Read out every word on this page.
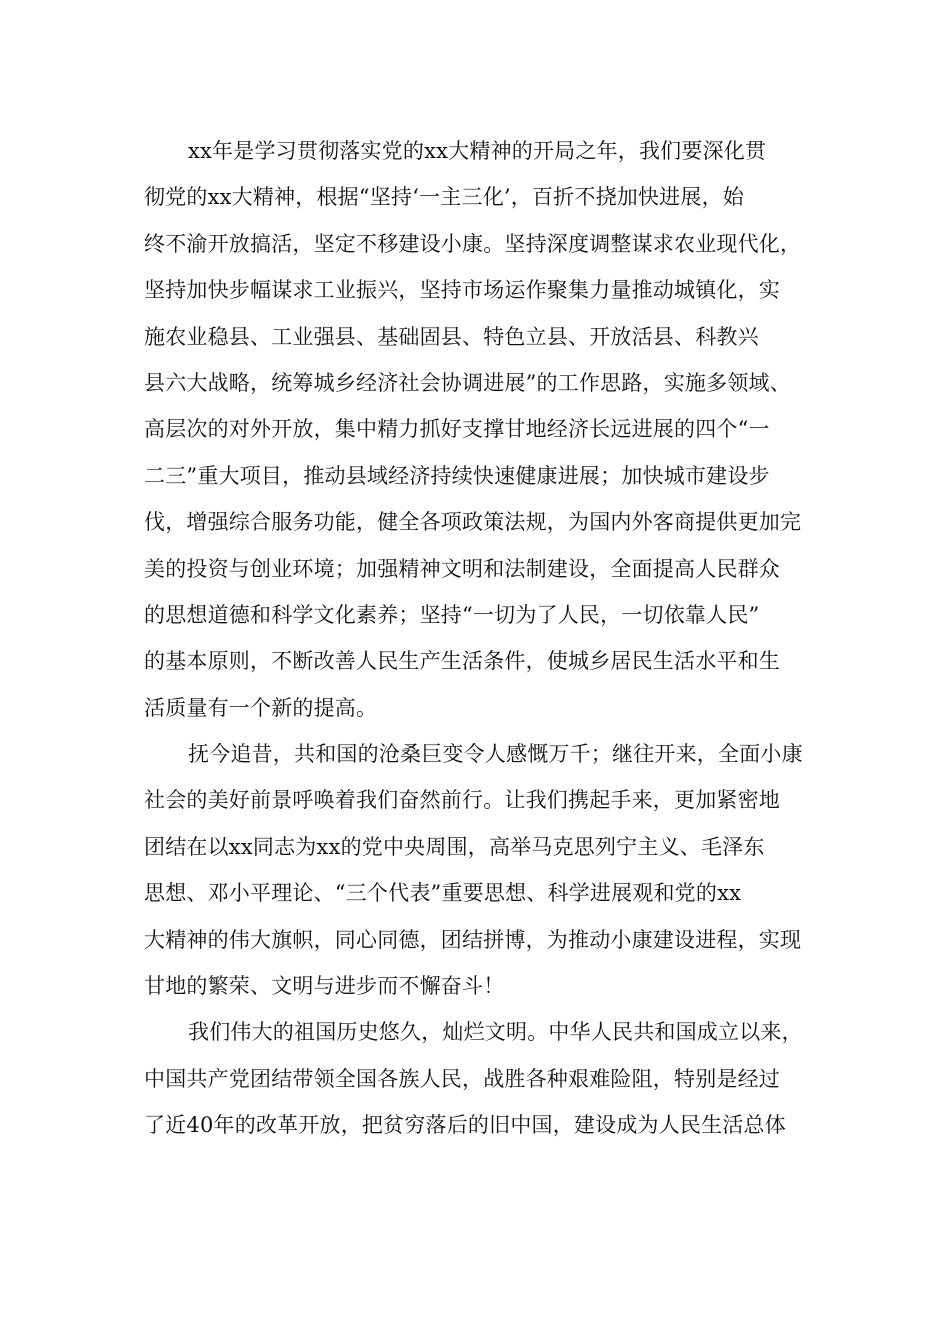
xx年是学习贯彻落实党的xx大精神的开局之年，我们要深化贯
彻党的xx大精神，根据“坚持‘一主三化’，百折不挠加快进展，始
终不渝开放搞活，坚定不移建设小康。坚持深度调整谋求农业现代化，
坚持加快步幅谋求工业振兴，坚持市场运作聚集力量推动城镇化，实
施农业稳县、工业强县、基础固县、特色立县、开放活县、科教兴
县六大战略，统筹城乡经济社会协调进展”的工作思路，实施多领域、
高层次的对外开放，集中精力抓好支撑甘地经济长远进展的四个“一
二三”重大项目，推动县域经济持续快速健康进展；加快城市建设步
伐，增强综合服务功能，健全各项政策法规，为国内外客商提供更加完
美的投资与创业环境；加强精神文明和法制建设，全面提高人民群众
的思想道德和科学文化素养；坚持“一切为了人民，一切依靠人民”
的基本原则，不断改善人民生产生活条件，使城乡居民生活水平和生
活质量有一个新的提高。
抚今追昔，共和国的沧桑巨变令人感慨万千；继往开来，全面小康
社会的美好前景呼唤着我们奋然前行。让我们携起手来，更加紧密地
团结在以xx同志为xx的党中央周围，高举马克思列宁主义、毛泽东
思想、邓小平理论、“三个代表”重要思想、科学进展观和党的xx
大精神的伟大旗帜，同心同德，团结拼博，为推动小康建设进程，实现
甘地的繁荣、文明与进步而不懈奋斗！
我们伟大的祖国历史悠久，灿烂文明。中华人民共和国成立以来，
中国共产党团结带领全国各族人民，战胜各种艰难险阻，特别是经过
了近40年的改革开放，把贫穷落后的旧中国，建设成为人民生活总体
